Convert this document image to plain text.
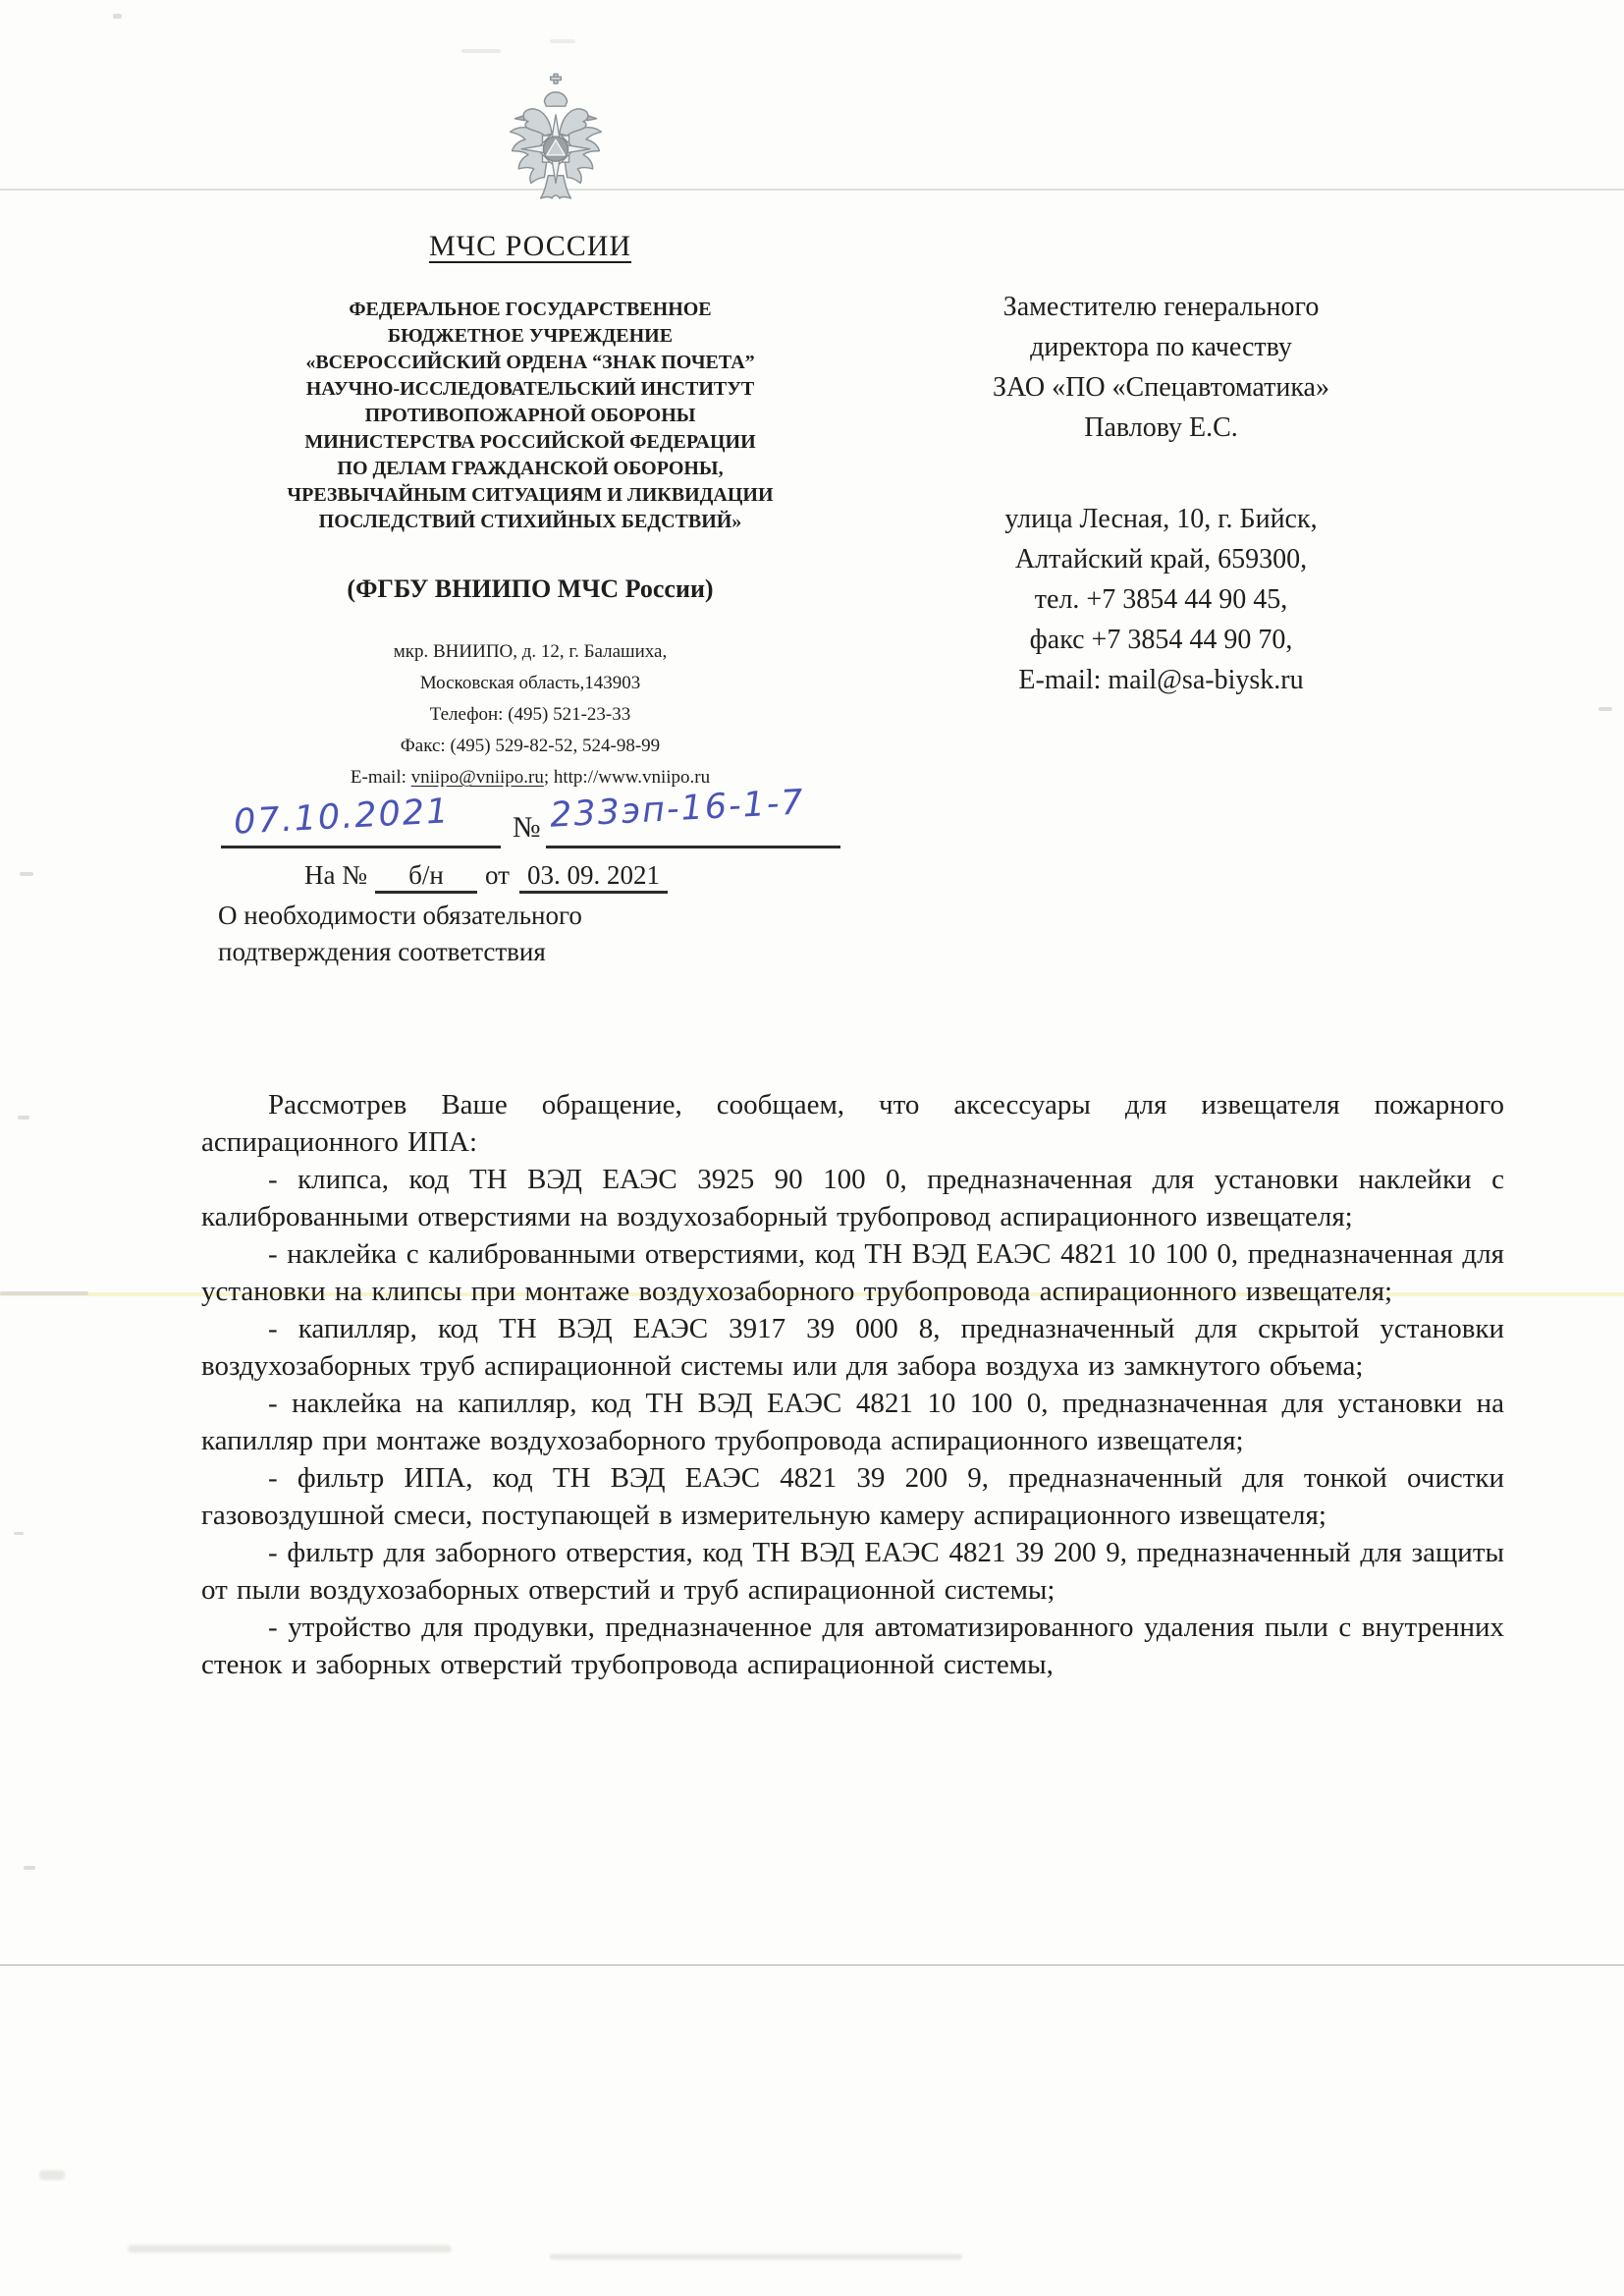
МЧС РОССИИ
ФЕДЕРАЛЬНОЕ ГОСУДАРСТВЕННОЕ
БЮДЖЕТНОЕ УЧРЕЖДЕНИЕ
«ВСЕРОССИЙСКИЙ ОРДЕНА “ЗНАК ПОЧЕТА”
НАУЧНО-ИССЛЕДОВАТЕЛЬСКИЙ ИНСТИТУТ
ПРОТИВОПОЖАРНОЙ ОБОРОНЫ
МИНИСТЕРСТВА РОССИЙСКОЙ ФЕДЕРАЦИИ
ПО ДЕЛАМ ГРАЖДАНСКОЙ ОБОРОНЫ,
ЧРЕЗВЫЧАЙНЫМ СИТУАЦИЯМ И ЛИКВИДАЦИИ
ПОСЛЕДСТВИЙ СТИХИЙНЫХ БЕДСТВИЙ»
(ФГБУ ВНИИПО МЧС России)
мкр. ВНИИПО, д. 12, г. Балашиха,
Московская область,143903
Телефон: (495) 521-23-33
Факс: (495) 529-82-52, 524-98-99
E-mail: vniipo@vniipo.ru; http://www.vniipo.ru
Заместителю генерального
директора по качеству
ЗАО «ПО «Спецавтоматика»
Павлову Е.С.
улица Лесная, 10, г. Бийск,
Алтайский край, 659300,
тел. +7 3854 44 90 45,
факс +7 3854 44 90 70,
E-mail: mail@sa-biysk.ru
07.10.2021 № 233эп-16-1-7
На № б/н от 03. 09. 2021
О необходимости обязательного
подтверждения соответствия

Рассмотрев Ваше обращение, сообщаем, что аксессуары для извещателя пожарного аспирационного ИПА:

- клипса, код ТН ВЭД ЕАЭС 3925 90 100 0, предназначенная для установки наклейки с калиброванными отверстиями на воздухозаборный трубопровод аспирационного извещателя;

- наклейка с калиброванными отверстиями, код ТН ВЭД ЕАЭС 4821 10 100 0, предназначенная для установки на клипсы при монтаже воздухозаборного трубопровода аспирационного извещателя;

- капилляр, код ТН ВЭД ЕАЭС 3917 39 000 8, предназначенный для скрытой установки воздухозаборных труб аспирационной системы или для забора воздуха из замкнутого объема;

- наклейка на капилляр, код ТН ВЭД ЕАЭС 4821 10 100 0, предназначенная для установки на капилляр при монтаже воздухозаборного трубопровода аспирационного извещателя;

- фильтр ИПА, код ТН ВЭД ЕАЭС 4821 39 200 9, предназначенный для тонкой очистки газовоздушной смеси, поступающей в измерительную камеру аспирационного извещателя;

- фильтр для заборного отверстия, код ТН ВЭД ЕАЭС 4821 39 200 9, предназначенный для защиты от пыли воздухозаборных отверстий и труб аспирационной системы;

- утройство для продувки, предназначенное для автоматизированного удаления пыли с внутренних стенок и заборных отверстий трубопровода аспирационной системы,
